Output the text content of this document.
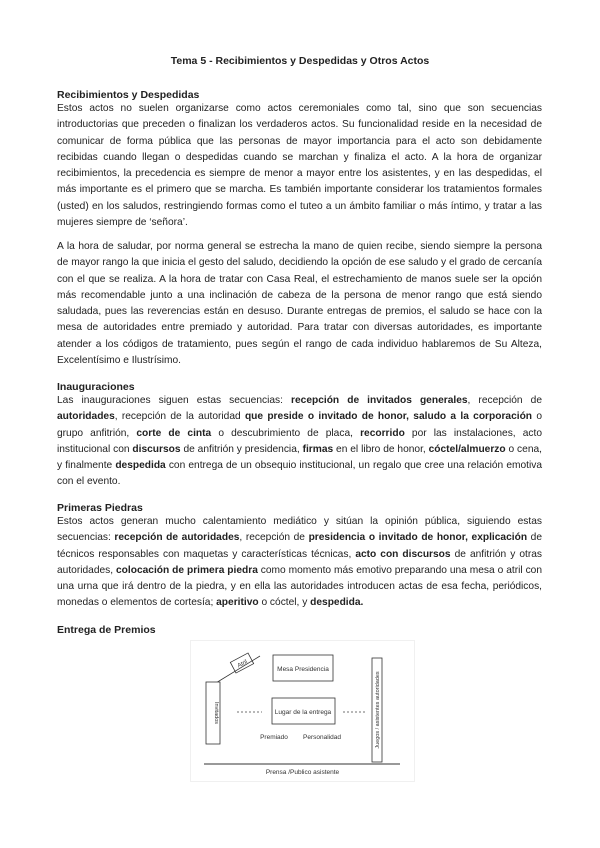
Tema 5 - Recibimientos y Despedidas y Otros Actos
Recibimientos y Despedidas

Estos actos no suelen organizarse como actos ceremoniales como tal, sino que son secuencias introductorias que preceden o finalizan los verdaderos actos. Su funcionalidad reside en la necesidad de comunicar de forma pública que las personas de mayor importancia para el acto son debidamente recibidas cuando llegan o despedidas cuando se marchan y finaliza el acto. A la hora de organizar recibimientos, la precedencia es siempre de menor a mayor entre los asistentes, y en las despedidas, el más importante es el primero que se marcha. Es también importante considerar los tratamientos formales (usted) en los saludos, restringiendo formas como el tuteo a un ámbito familiar o más íntimo, y tratar a las mujeres siempre de ‘señora’.

A la hora de saludar, por norma general se estrecha la mano de quien recibe, siendo siempre la persona de mayor rango la que inicia el gesto del saludo, decidiendo la opción de ese saludo y el grado de cercanía con el que se realiza. A la hora de tratar con Casa Real, el estrechamiento de manos suele ser la opción más recomendable junto a una inclinación de cabeza de la persona de menor rango que está siendo saludada, pues las reverencias están en desuso. Durante entregas de premios, el saludo se hace con la mesa de autoridades entre premiado y autoridad. Para tratar con diversas autoridades, es importante atender a los códigos de tratamiento, pues según el rango de cada individuo hablaremos de Su Alteza, Excelentísimo e Ilustrísimo.

Inauguraciones

Las inauguraciones siguen estas secuencias: recepción de invitados generales, recepción de autoridades, recepción de la autoridad que preside o invitado de honor, saludo a la corporación o grupo anfitrión, corte de cinta o descubrimiento de placa, recorrido por las instalaciones, acto institucional con discursos de anfitrión y presidencia, firmas en el libro de honor, cóctel/almuerzo o cena, y finalmente despedida con entrega de un obsequio institucional, un regalo que cree una relación emotiva con el evento.

Primeras Piedras

Estos actos generan mucho calentamiento mediático y sitúan la opinión pública, siguiendo estas secuencias: recepción de autoridades, recepción de presidencia o invitado de honor, explicación de técnicos responsables con maquetas y características técnicas, acto con discursos de anfitrión y otras autoridades, colocación de primera piedra como momento más emotivo preparando una mesa o atril con una urna que irá dentro de la piedra, y en ella las autoridades introducen actas de esa fecha, periódicos, monedas o elementos de cortesía; aperitivo o cóctel, y despedida.

Entrega de Premios
Atril
Mesa Presidencia
Lugar de la entrega
Premiado Personalidad
Invitados	Juegos / asistentes autoridades
Prensa /Publico asistente
